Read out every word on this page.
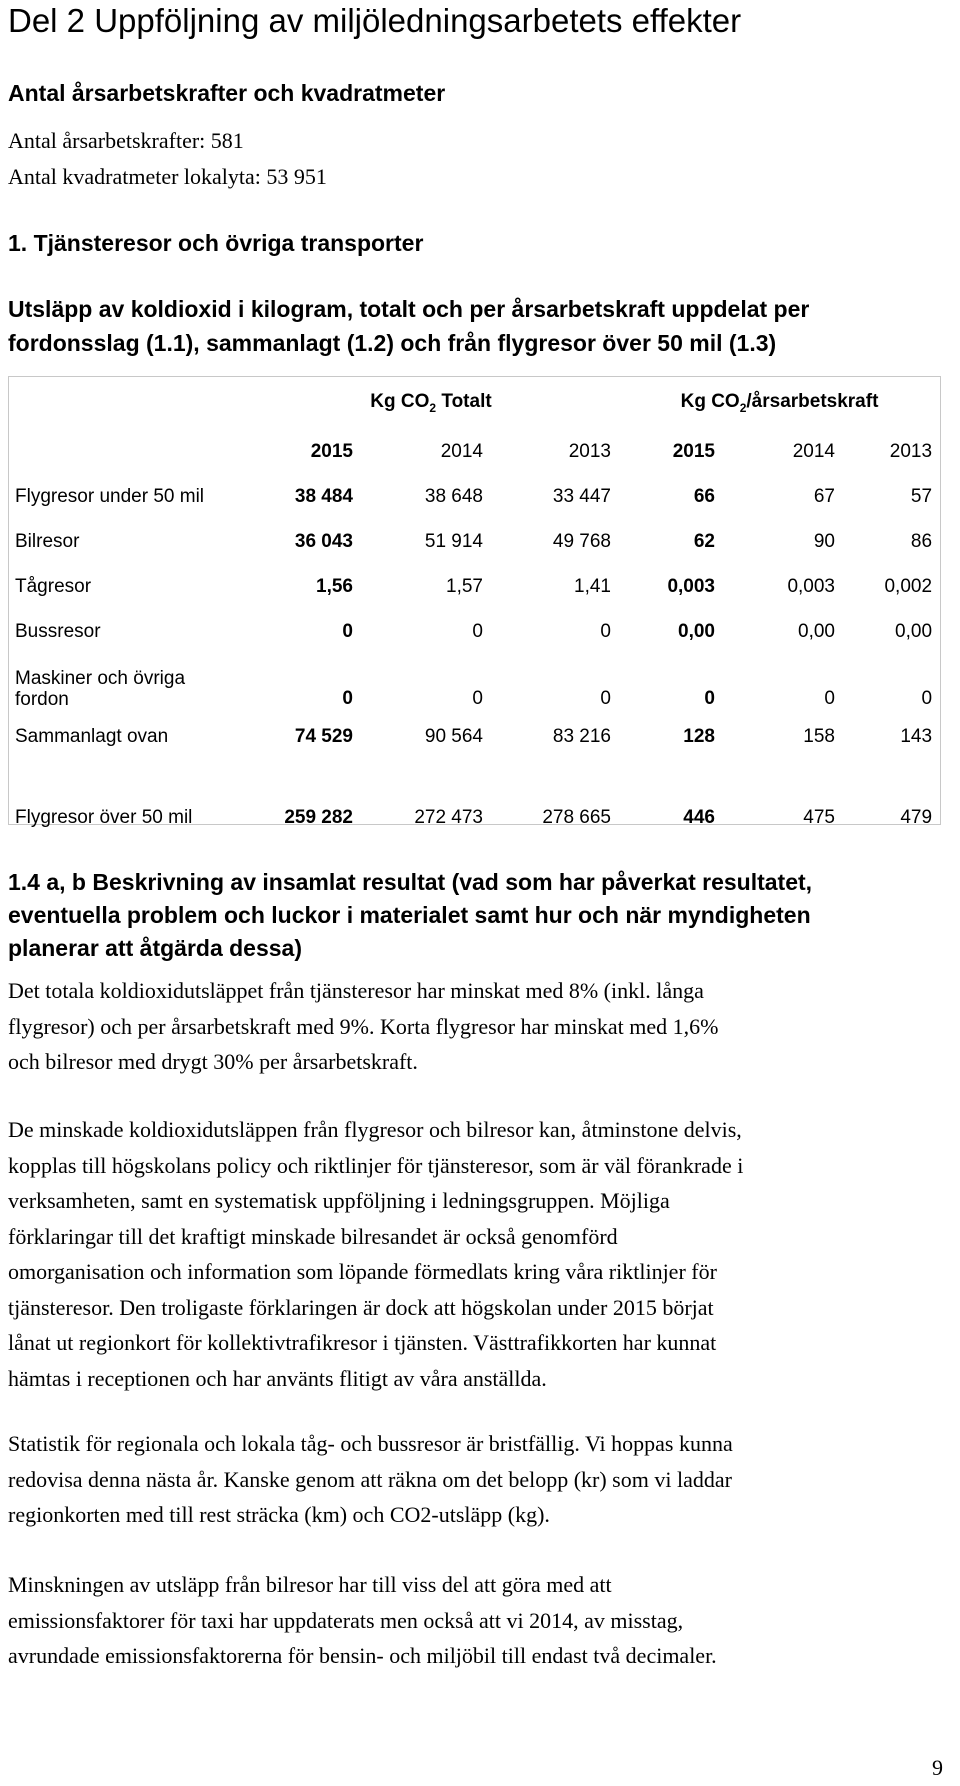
Del 2 Uppföljning av miljöledningsarbetets effekter
Antal årsarbetskrafter och kvadratmeter
Antal årsarbetskrafter: 581
Antal kvadratmeter lokalyta: 53 951
1. Tjänsteresor och övriga transporter
Utsläpp av koldioxid i kilogram, totalt och per årsarbetskraft uppdelat per
fordonsslag (1.1), sammanlagt (1.2) och från flygresor över 50 mil (1.3)
	Kg $CO_2$ Totalt			Kg $CO_2$/årsarbetskraft		
	2015	2014	2013	2015	2014	2013
Flygresor under 50 mil	38 484	38 648	33 447	66	67	57
Bilresor	36 043	51 914	49 768	62	90	86
Tågresor	1,56	1,57	1,41	0,003	0,003	0,002
Bussresor	0	0	0	0,00	0,00	0,00
Maskiner och övriga
fordon	0	0	0	0	0	0
Sammanlagt ovan	74 529	90 564	83 216	128	158	143

Flygresor över 50 mil	259 282	272 473	278 665	446	475	479
1.4 a, b Beskrivning av insamlat resultat (vad som har påverkat resultatet,
eventuella problem och luckor i materialet samt hur och när myndigheten
planerar att åtgärda dessa)
Det totala koldioxidutsläppet från tjänsteresor har minskat med 8% (inkl. långa
flygresor) och per årsarbetskraft med 9%. Korta flygresor har minskat med 1,6%
och bilresor med drygt 30% per årsarbetskraft.
De minskade koldioxidutsläppen från flygresor och bilresor kan, åtminstone delvis,
kopplas till högskolans policy och riktlinjer för tjänsteresor, som är väl förankrade i
verksamheten, samt en systematisk uppföljning i ledningsgruppen. Möjliga
förklaringar till det kraftigt minskade bilresandet är också genomförd
omorganisation och information som löpande förmedlats kring våra riktlinjer för
tjänsteresor. Den troligaste förklaringen är dock att högskolan under 2015 börjat
lånat ut regionkort för kollektivtrafikresor i tjänsten. Västtrafikkorten har kunnat
hämtas i receptionen och har använts flitigt av våra anställda.
Statistik för regionala och lokala tåg- och bussresor är bristfällig. Vi hoppas kunna
redovisa denna nästa år. Kanske genom att räkna om det belopp (kr) som vi laddar
regionkorten med till rest sträcka (km) och CO2-utsläpp (kg).
Minskningen av utsläpp från bilresor har till viss del att göra med att
emissionsfaktorer för taxi har uppdaterats men också att vi 2014, av misstag,
avrundade emissionsfaktorerna för bensin- och miljöbil till endast två decimaler.
9
